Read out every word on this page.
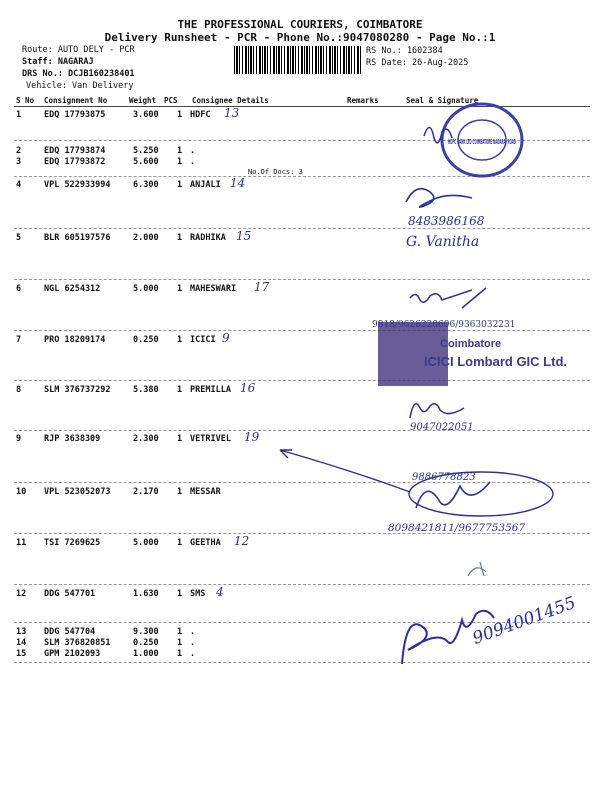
THE PROFESSIONAL COURIERS, COIMBATORE
Delivery Runsheet - PCR - Phone No.:9047080280 - Page No.:1
Route: AUTO DELY - PCR
Staff: NAGARAJ
DRS No.: DCJB160238401
Vehicle: Van Delivery
RS No.: 1602384
RS Date: 26-Aug-2025
S No Consignment No	Weight PCS Consignee Details	Remarks	Seal & Signature
1	EDQ 17793875	3.600 1 HDFC 13
2	EDQ 17793874	5.250 1 .
3	EDQ 17793872	5.600 1 .
4	VPL 522933994	6.300 1 ANJALI 14
5	BLR 605197576	2.000 1 RADHIKA 15
6	NGL 6254312	5.000 1 MAHESWARI 17
7	PRO 18209174	0.250 1 ICICI 9
8	SLM 376737292	5.380 1 PREMILLA 16
9	RJP 3638309	2.300 1 VETRIVEL 19
10 VPL 523052073	2.170 1 MESSAR
11 TSI 7269625	5.000 1 GEETHA 12
12 DDG 547701	1.630 1 SMS 4
13 DDG 547704	9.300 1 .
14 SLM 376820851	0.250 1 .
15 GPM 2102093	1.000 1 .
No.Of Docs: 3
HDFC BANK LTD COIMBATORE NAGARAJ ROAD
8483986168
G. Vanitha
9818/9626220606/9363032231
Coimbatore
ICICI Lombard GIC Ltd.
9047022051
9886778823
8098421811/9677753567
9094001455
